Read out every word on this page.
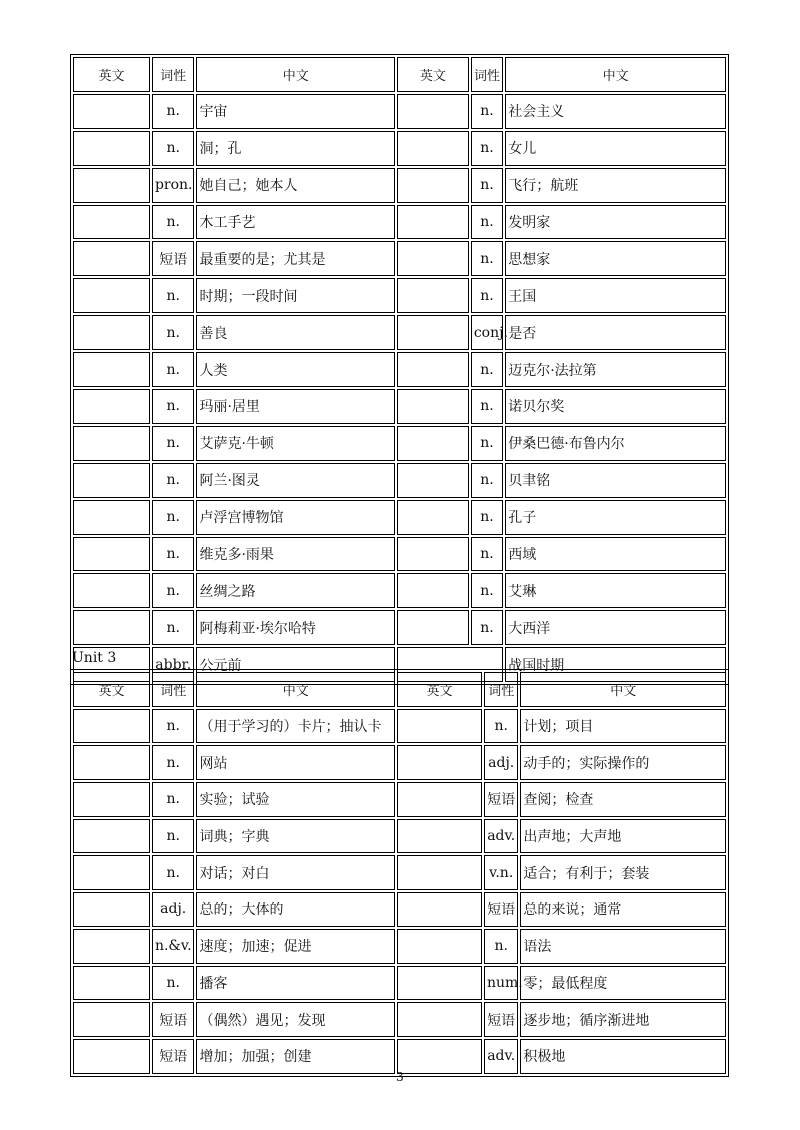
英文	词性	中文	英文	词性	中文
	n.	宇宙		n.	社会主义
	n.	洞；孔		n.	女儿
	pron.	她自己；她本人		n.	飞行；航班
	n.	木工手艺		n.	发明家
	短语	最重要的是；尤其是		n.	思想家
	n.	时期；一段时间		n.	王国
	n.	善良		conj.	是否
	n.	人类		n.	迈克尔·法拉第
	n.	玛丽·居里		n.	诺贝尔奖
	n.	艾萨克·牛顿		n.	伊桑巴德·布鲁内尔
	n.	阿兰·图灵		n.	贝聿铭
	n.	卢浮宫博物馆		n.	孔子
	n.	维克多·雨果		n.	西域
	n.	丝绸之路		n.	艾琳
	n.	阿梅莉亚·埃尔哈特		n.	大西洋
	abbr.	公元前			战国时期
Unit 3
英文	词性	中文	英文	词性	中文
	n.	（用于学习的）卡片；抽认卡		n.	计划；项目
	n.	网站		adj.	动手的；实际操作的
	n.	实验；试验		短语	查阅；检查
	n.	词典；字典		adv.	出声地；大声地
	n.	对话；对白		v.n.	适合；有利于；套装
	adj.	总的；大体的		短语	总的来说；通常
	n.&v.	速度；加速；促进		n.	语法
	n.	播客		num.	零；最低程度
	短语	（偶然）遇见；发现		短语	逐步地；循序渐进地
	短语	增加；加强；创建		adv.	积极地
3
